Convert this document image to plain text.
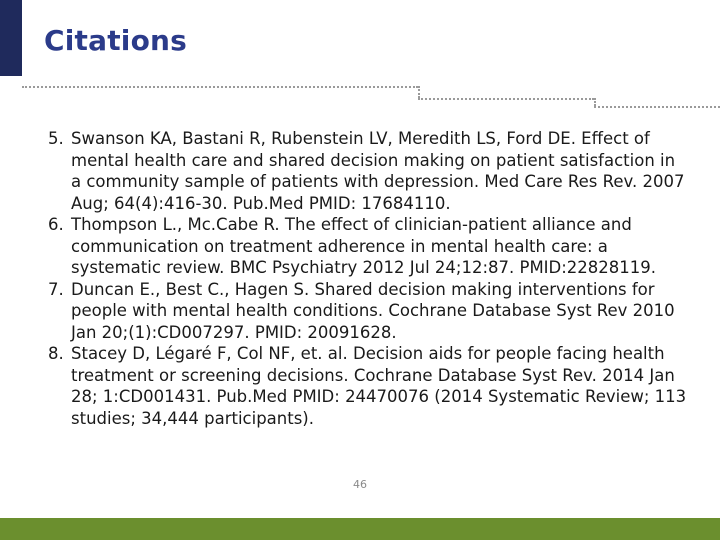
Citations
5. Swanson KA, Bastani R, Rubenstein LV, Meredith LS, Ford DE. Effect of mental health care and shared decision making on patient satisfaction in a community sample of patients with depression. Med Care Res Rev. 2007 Aug; 64(4):416-30. Pub.Med PMID: 17684110.
6. Thompson L., Mc.Cabe R. The effect of clinician-patient alliance and communication on treatment adherence in mental health care: a systematic review. BMC Psychiatry 2012 Jul 24;12:87. PMID:22828119.
7. Duncan E., Best C., Hagen S. Shared decision making interventions for people with mental health conditions. Cochrane Database Syst Rev 2010 Jan 20;(1):CD007297. PMID: 20091628.
8. Stacey D, Légaré F, Col NF, et. al. Decision aids for people facing health treatment or screening decisions. Cochrane Database Syst Rev. 2014 Jan 28; 1:CD001431. Pub.Med PMID: 24470076 (2014 Systematic Review; 113 studies; 34,444 participants).
46
